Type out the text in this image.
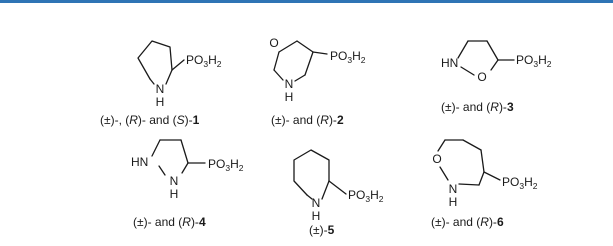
N
H
$PO_3H_2$
(±)-, (R)- and (S)-1
O
N
H
$PO_3H_2$
(±)- and (R)-2
HN
O
$PO_3H_2$
(±)- and (R)-3
HN
N
H
$PO_3H_2$
(±)- and (R)-4
N
H
$PO_3H_2$
(±)-5
O
N
H
$PO_3H_2$
(±)- and (R)-6
